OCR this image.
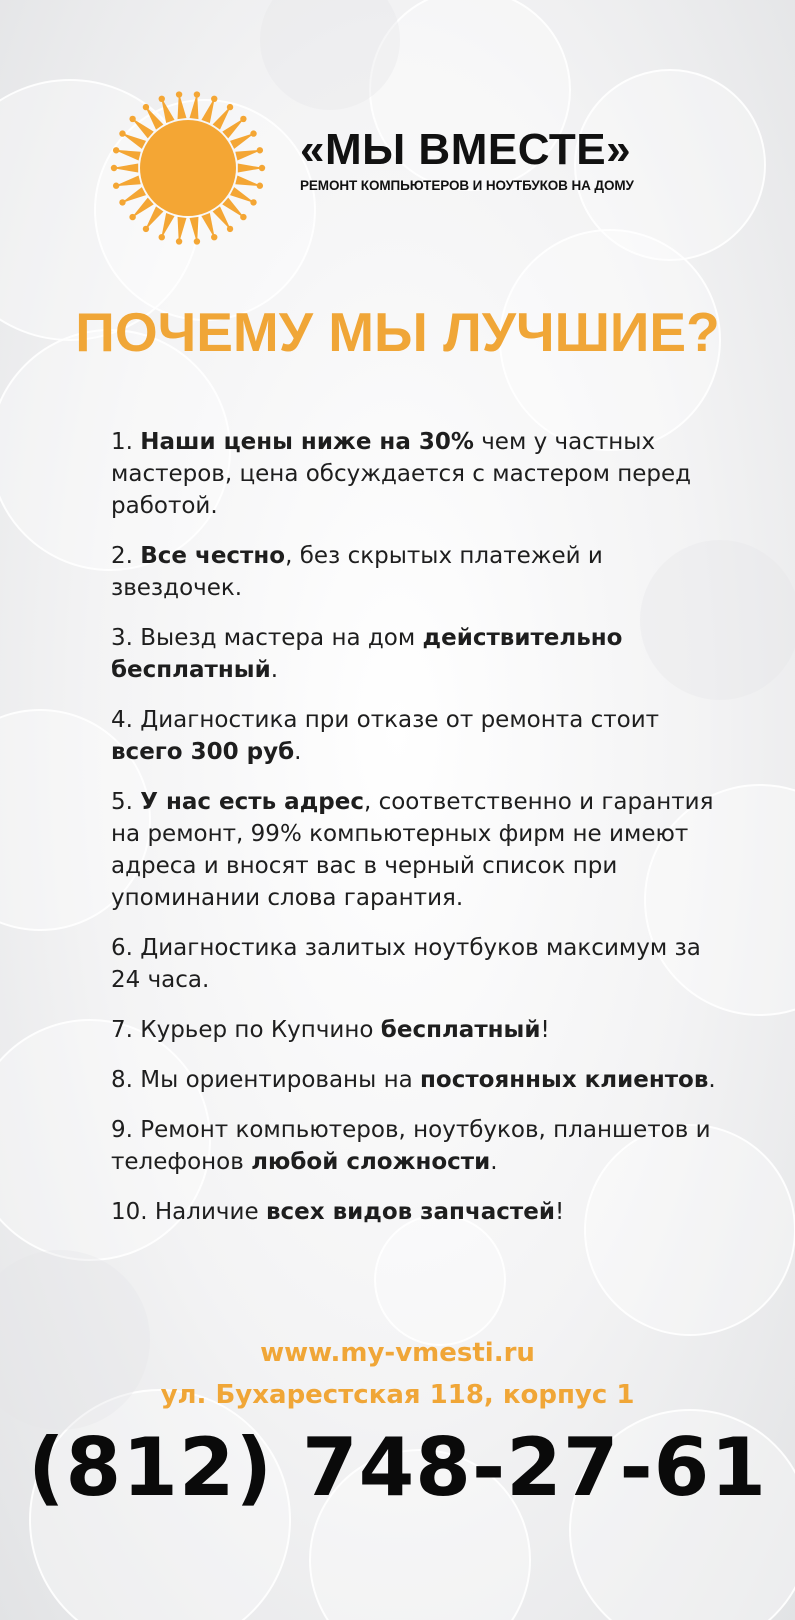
«МЫ ВМЕСТЕ»
РЕМОНТ КОМПЬЮТЕРОВ И НОУТБУКОВ НА ДОМУ
ПОЧЕМУ МЫ ЛУЧШИЕ?
1. Наши цены ниже на 30% чем у частных мастеров, цена обсуждается с мастером перед работой.
2. Все честно, без скрытых платежей и звездочек.
3. Выезд мастера на дом действительно бесплатный.
4. Диагностика при отказе от ремонта стоит всего 300 руб.
5. У нас есть адрес, соответственно и гарантия на ремонт, 99% компьютерных фирм не имеют адреса и вносят вас в черный список при упоминании слова гарантия.
6. Диагностика залитых ноутбуков максимум за 24 часа.
7. Курьер по Купчино бесплатный!
8. Мы ориентированы на постоянных клиентов.
9. Ремонт компьютеров, ноутбуков, планшетов и телефонов любой сложности.
10. Наличие всех видов запчастей!
www.my-vmesti.ru
ул. Бухарестская 118, корпус 1
(812) 748-27-61
